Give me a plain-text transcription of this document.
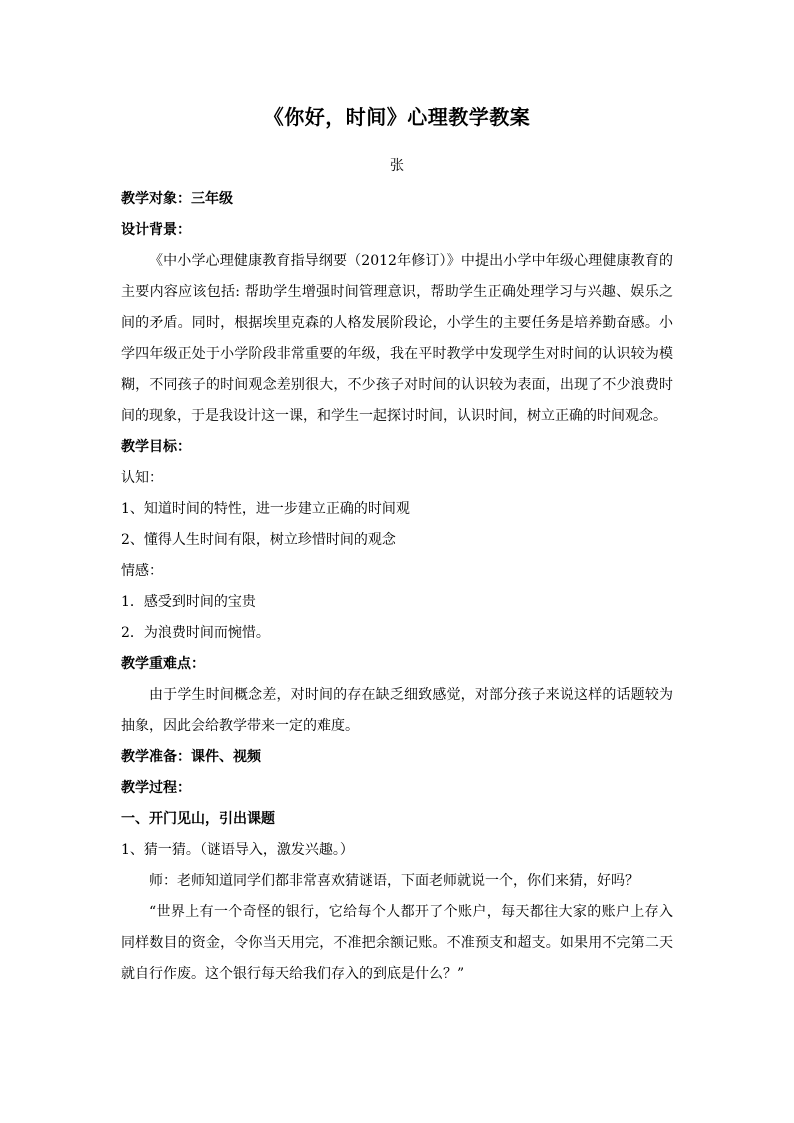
《你好，时间》心理教学教案
张

教学对象：三年级

设计背景：

《中小学心理健康教育指导纲要（2012年修订）》中提出小学中年级心理健康教育的主要内容应该包括: 帮助学生增强时间管理意识，帮助学生正确处理学习与兴趣、娱乐之间的矛盾。同时，根据埃里克森的人格发展阶段论，小学生的主要任务是培养勤奋感。小学四年级正处于小学阶段非常重要的年级，我在平时教学中发现学生对时间的认识较为模糊，不同孩子的时间观念差别很大，不少孩子对时间的认识较为表面，出现了不少浪费时间的现象，于是我设计这一课，和学生一起探讨时间，认识时间，树立正确的时间观念。

教学目标：

认知：

1、知道时间的特性，进一步建立正确的时间观

2、懂得人生时间有限，树立珍惜时间的观念

情感：

1．感受到时间的宝贵

2．为浪费时间而惋惜。

教学重难点：

由于学生时间概念差，对时间的存在缺乏细致感觉，对部分孩子来说这样的话题较为抽象，因此会给教学带来一定的难度。

教学准备：课件、视频

教学过程：

一、开门见山，引出课题

1、猜一猜。（谜语导入，激发兴趣。）

师：老师知道同学们都非常喜欢猜谜语，下面老师就说一个，你们来猜，好吗？

“世界上有一个奇怪的银行，它给每个人都开了个账户，每天都往大家的账户上存入同样数目的资金，令你当天用完，不准把余额记账。不准预支和超支。如果用不完第二天就自行作废。这个银行每天给我们存入的到底是什么？”
